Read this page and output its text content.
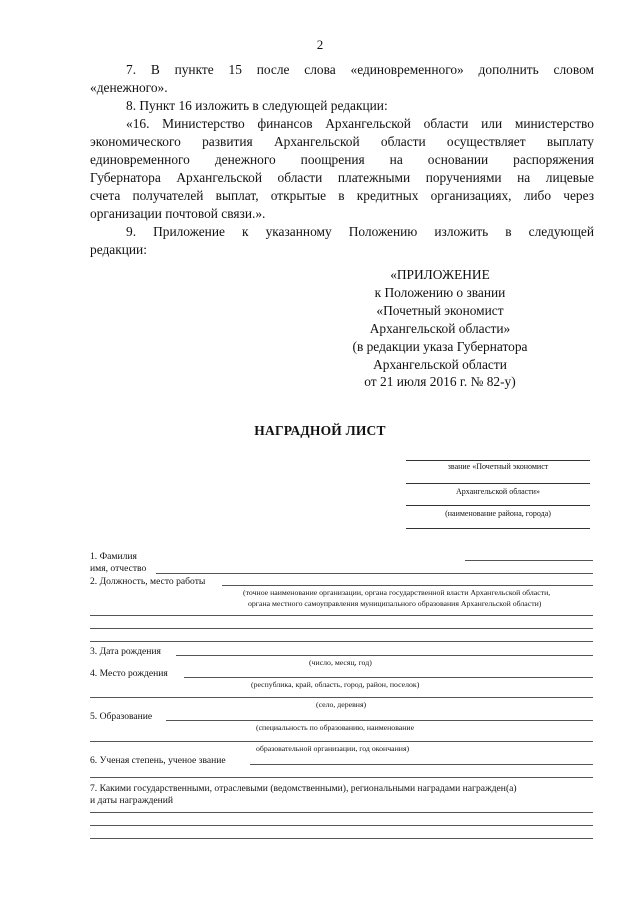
2
7. В пункте 15 после слова «единовременного» дополнить словом
«денежного».
8. Пункт 16 изложить в следующей редакции:
«16. Министерство финансов Архангельской области или министерство
экономического развития Архангельской области осуществляет выплату
единовременного денежного поощрения на основании распоряжения
Губернатора Архангельской области платежными поручениями на лицевые
счета получателей выплат, открытые в кредитных организациях, либо через
организации почтовой связи.».
9. Приложение к указанному Положению изложить в следующей
редакции:
«ПРИЛОЖЕНИЕ
к Положению о звании
«Почетный экономист
Архангельской области»
(в редакции указа Губернатора
Архангельской области
от 21 июля 2016 г. № 82-у)
НАГРАДНОЙ ЛИСТ
звание «Почетный экономист
Архангельской области»
(наименование района, города)
1. Фамилия
имя, отчество
2. Должность, место работы
(точное наименование организации, органа государственной власти Архангельской области,
органа местного самоуправления муниципального образования Архангельской области)
3. Дата рождения
(число, месяц, год)
4. Место рождения
(республика, край, область, город, район, поселок)
(село, деревня)
5. Образование
(специальность по образованию, наименование
образовательной организации, год окончания)
6. Ученая степень, ученое звание
7. Какими государственными, отраслевыми (ведомственными), региональными наградами награжден(а)
и даты награждений
